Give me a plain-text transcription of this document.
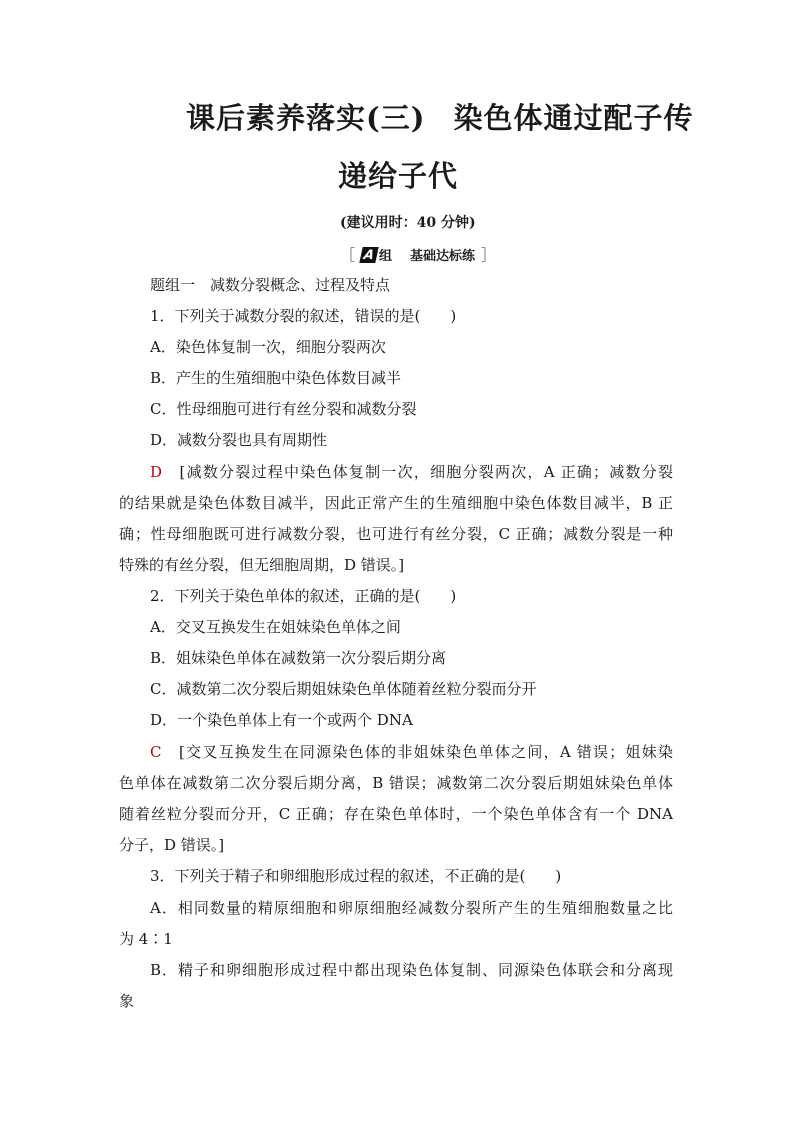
课后素养落实(三) 染色体通过配子传
递给子代
(建议用时：40 分钟)
［ A 组 基础达标练 ］
题组一　减数分裂概念、过程及特点
1．下列关于减数分裂的叙述，错误的是(　　)
A．染色体复制一次，细胞分裂两次
B．产生的生殖细胞中染色体数目减半
C．性母细胞可进行有丝分裂和减数分裂
D．减数分裂也具有周期性
D　 [减数分裂过程中染色体复制一次，细胞分裂两次，A 正确；减数分裂
的结果就是染色体数目减半，因此正常产生的生殖细胞中染色体数目减半，B 正
确；性母细胞既可进行减数分裂，也可进行有丝分裂，C 正确；减数分裂是一种
特殊的有丝分裂，但无细胞周期，D 错误。]
2．下列关于染色单体的叙述，正确的是(　　)
A．交叉互换发生在姐妹染色单体之间
B．姐妹染色单体在减数第一次分裂后期分离
C．减数第二次分裂后期姐妹染色单体随着丝粒分裂而分开
D．一个染色单体上有一个或两个 DNA
C　 [交叉互换发生在同源染色体的非姐妹染色单体之间，A 错误；姐妹染
色单体在减数第二次分裂后期分离，B 错误；减数第二次分裂后期姐妹染色单体
随着丝粒分裂而分开，C 正确；存在染色单体时，一个染色单体含有一个 DNA
分子，D 错误。]
3．下列关于精子和卵细胞形成过程的叙述，不正确的是(　　)
A．相同数量的精原细胞和卵原细胞经减数分裂所产生的生殖细胞数量之比
为 4∶1
B．精子和卵细胞形成过程中都出现染色体复制、同源染色体联会和分离现
象
